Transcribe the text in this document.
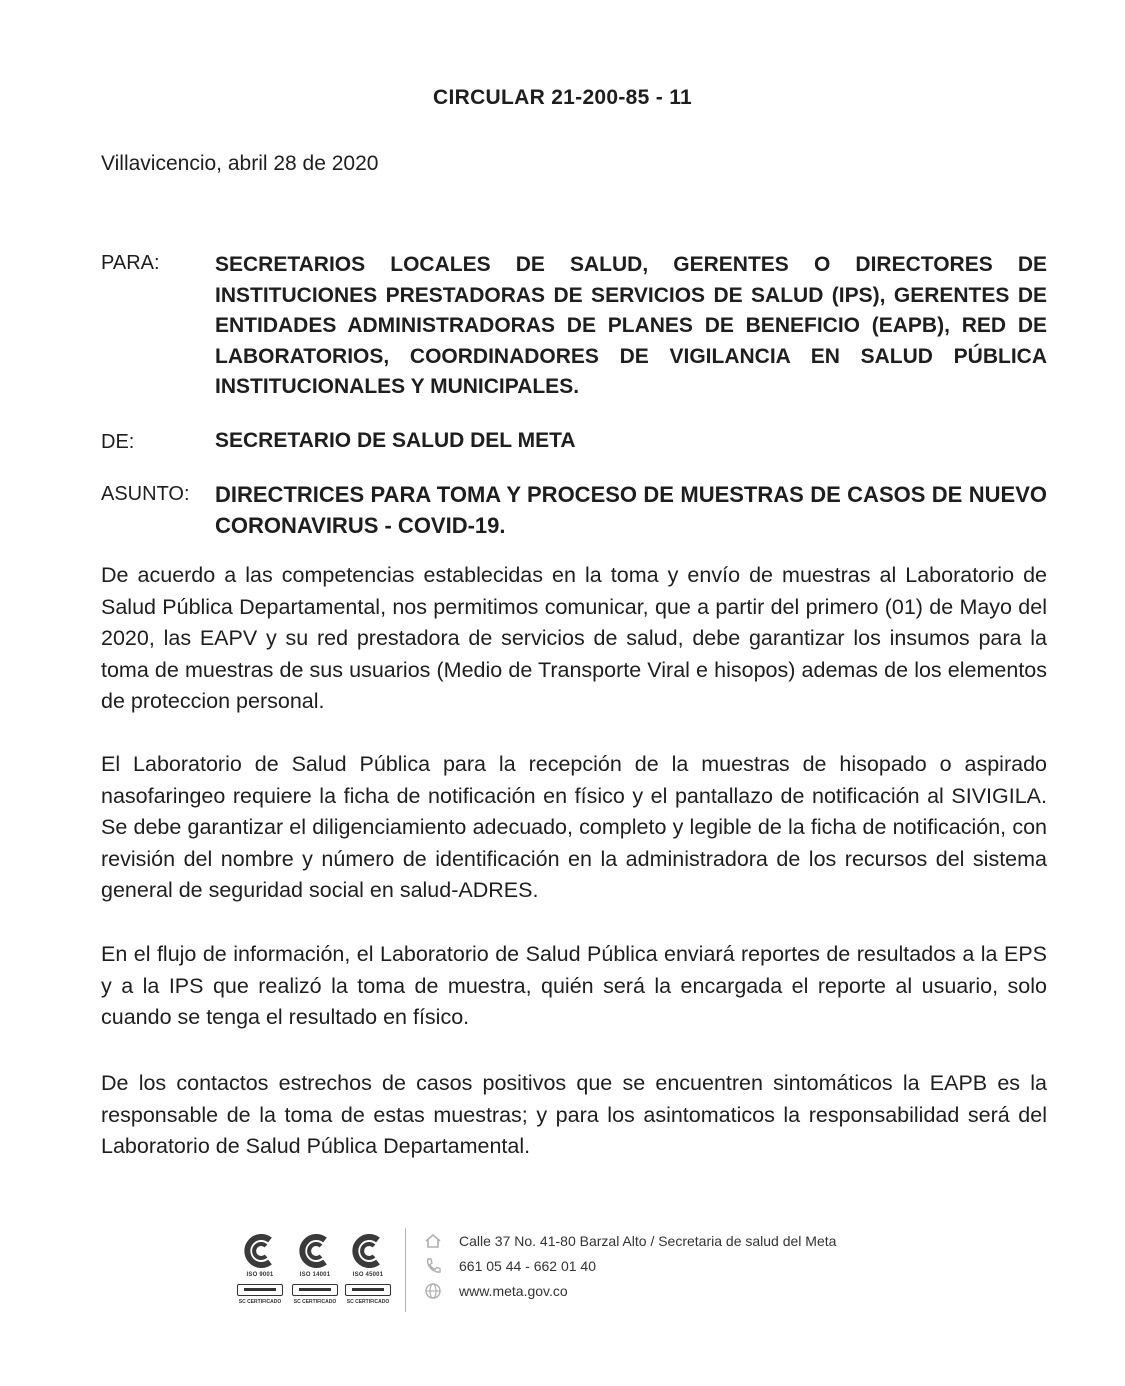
CIRCULAR 21-200-85 - 11
Villavicencio, abril 28 de 2020
PARA:	SECRETARIOS LOCALES DE SALUD, GERENTES O DIRECTORES DE INSTITUCIONES PRESTADORAS DE SERVICIOS DE SALUD (IPS), GERENTES DE ENTIDADES ADMINISTRADORAS DE PLANES DE BENEFICIO (EAPB), RED DE LABORATORIOS, COORDINADORES DE VIGILANCIA EN SALUD PÚBLICA INSTITUCIONALES Y MUNICIPALES.
DE:	SECRETARIO DE SALUD DEL META
ASUNTO: DIRECTRICES PARA TOMA Y PROCESO DE MUESTRAS DE CASOS DE NUEVO CORONAVIRUS - COVID-19.
De acuerdo a las competencias establecidas en la toma y envío de muestras al Laboratorio de Salud Pública Departamental, nos permitimos comunicar, que a partir del primero (01) de Mayo del 2020, las EAPV y su red prestadora de servicios de salud, debe garantizar los insumos para la toma de muestras de sus usuarios (Medio de Transporte Viral e hisopos) ademas de los elementos de proteccion personal.
El Laboratorio de Salud Pública para la recepción de la muestras de hisopado o aspirado nasofaringeo requiere la ficha de notificación en físico y el pantallazo de notificación al SIVIGILA. Se debe garantizar el diligenciamiento adecuado, completo y legible de la ficha de notificación, con revisión del nombre y número de identificación en la administradora de los recursos del sistema general de seguridad social en salud-ADRES.
En el flujo de información, el Laboratorio de Salud Pública enviará reportes de resultados a la EPS y a la IPS que realizó la toma de muestra, quién será la encargada el reporte al usuario, solo cuando se tenga el resultado en físico.
De los contactos estrechos de casos positivos que se encuentren sintomáticos la EAPB es la responsable de la toma de estas muestras; y para los asintomaticos la responsabilidad será del Laboratorio de Salud Pública Departamental.
ISO 9001
SC CERTIFICADO
ISO 14001
SC CERTIFICADO
ISO 45001
SC CERTIFICADO
Calle 37 No. 41-80 Barzal Alto / Secretaria de salud del Meta
661 05 44 - 662 01 40
www.meta.gov.co
